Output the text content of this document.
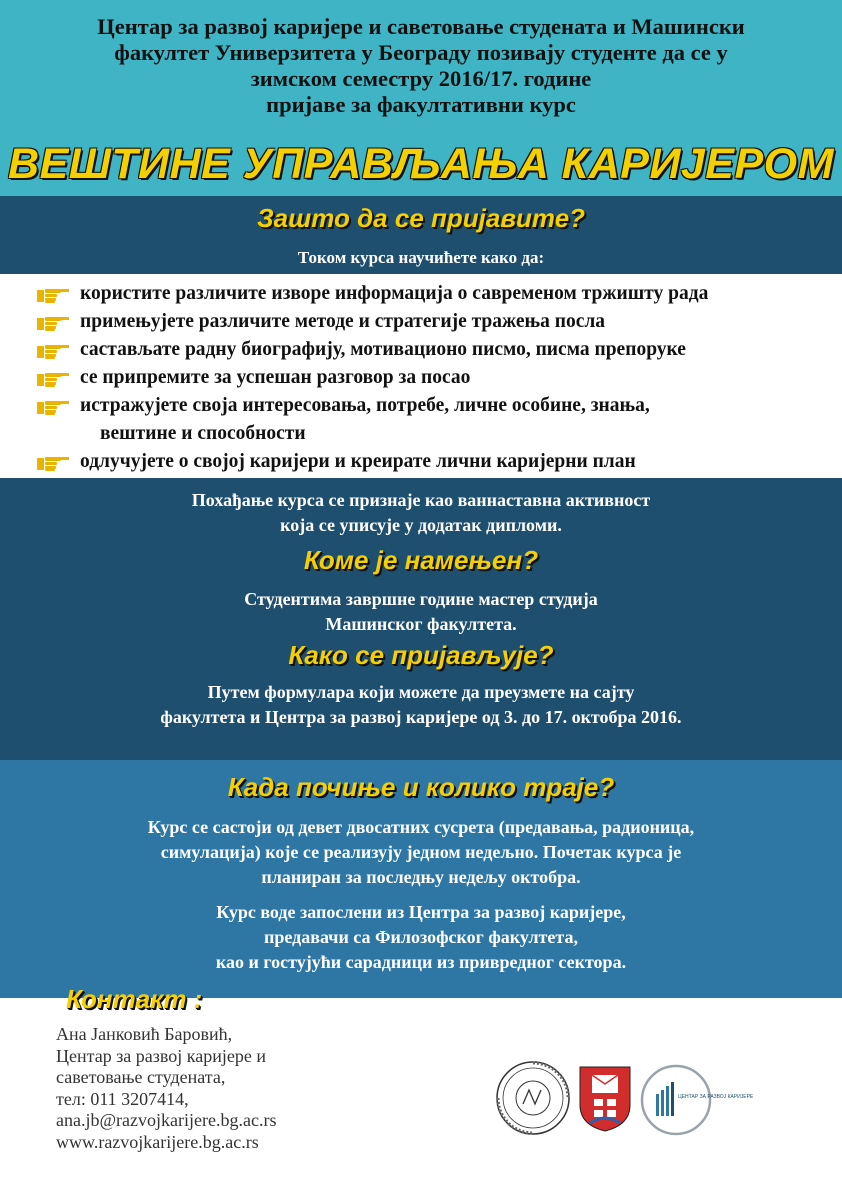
Центар за развој каријере и саветовање студената и Машински
факултет Универзитета у Београду позивају студенте да се у
зимском семестру 2016/17. године
пријаве за факултативни курс
ВЕШТИНЕ УПРАВЉАЊА КАРИЈЕРОМ
Зашто да се пријавите?
Током курса научићете како да:
користите различите изворе информација о савременом тржишту рада
примењујете различите методе и стратегије тражења посла
састављате радну биографију, мотивационо писмо, писма препоруке
се припремите за успешан разговор за посао
истражујете своја интересовања, потребе, личне особине, знања,
вештине и способности
одлучујете о својој каријери и креирате лични каријерни план
Похађање курса се признаје као ваннаставна активност
која се уписује у додатак дипломи.
Коме је намењен?
Студентима завршне године мастер студија
Машинског факултета.
Како се пријављује?
Путем формулара који можете да преузмете на сајту
факултета и Центра за развој каријере од 3. до 17. октобра 2016.
Када почиње и колико траје?
Курс се састоји од девет двосатних сусрета (предавања, радионица,
симулација) које се реализују једном недељно. Почетак курса је
планиран за последњу недељу октобра.
Курс воде запослени из Центра за развој каријере,
предавачи са Филозофског факултета,
као и гостујући сарадници из привредног сектора.
Контакт :
Ана Јанковић Баровић,
Центар за развој каријере и
саветовање студената,
тел: 011 3207414,
ana.jb@razvojkarijere.bg.ac.rs
www.razvojkarijere.bg.ac.rs
ЦЕНТАР ЗА РАЗВОЈ КАРИЈЕРЕ
